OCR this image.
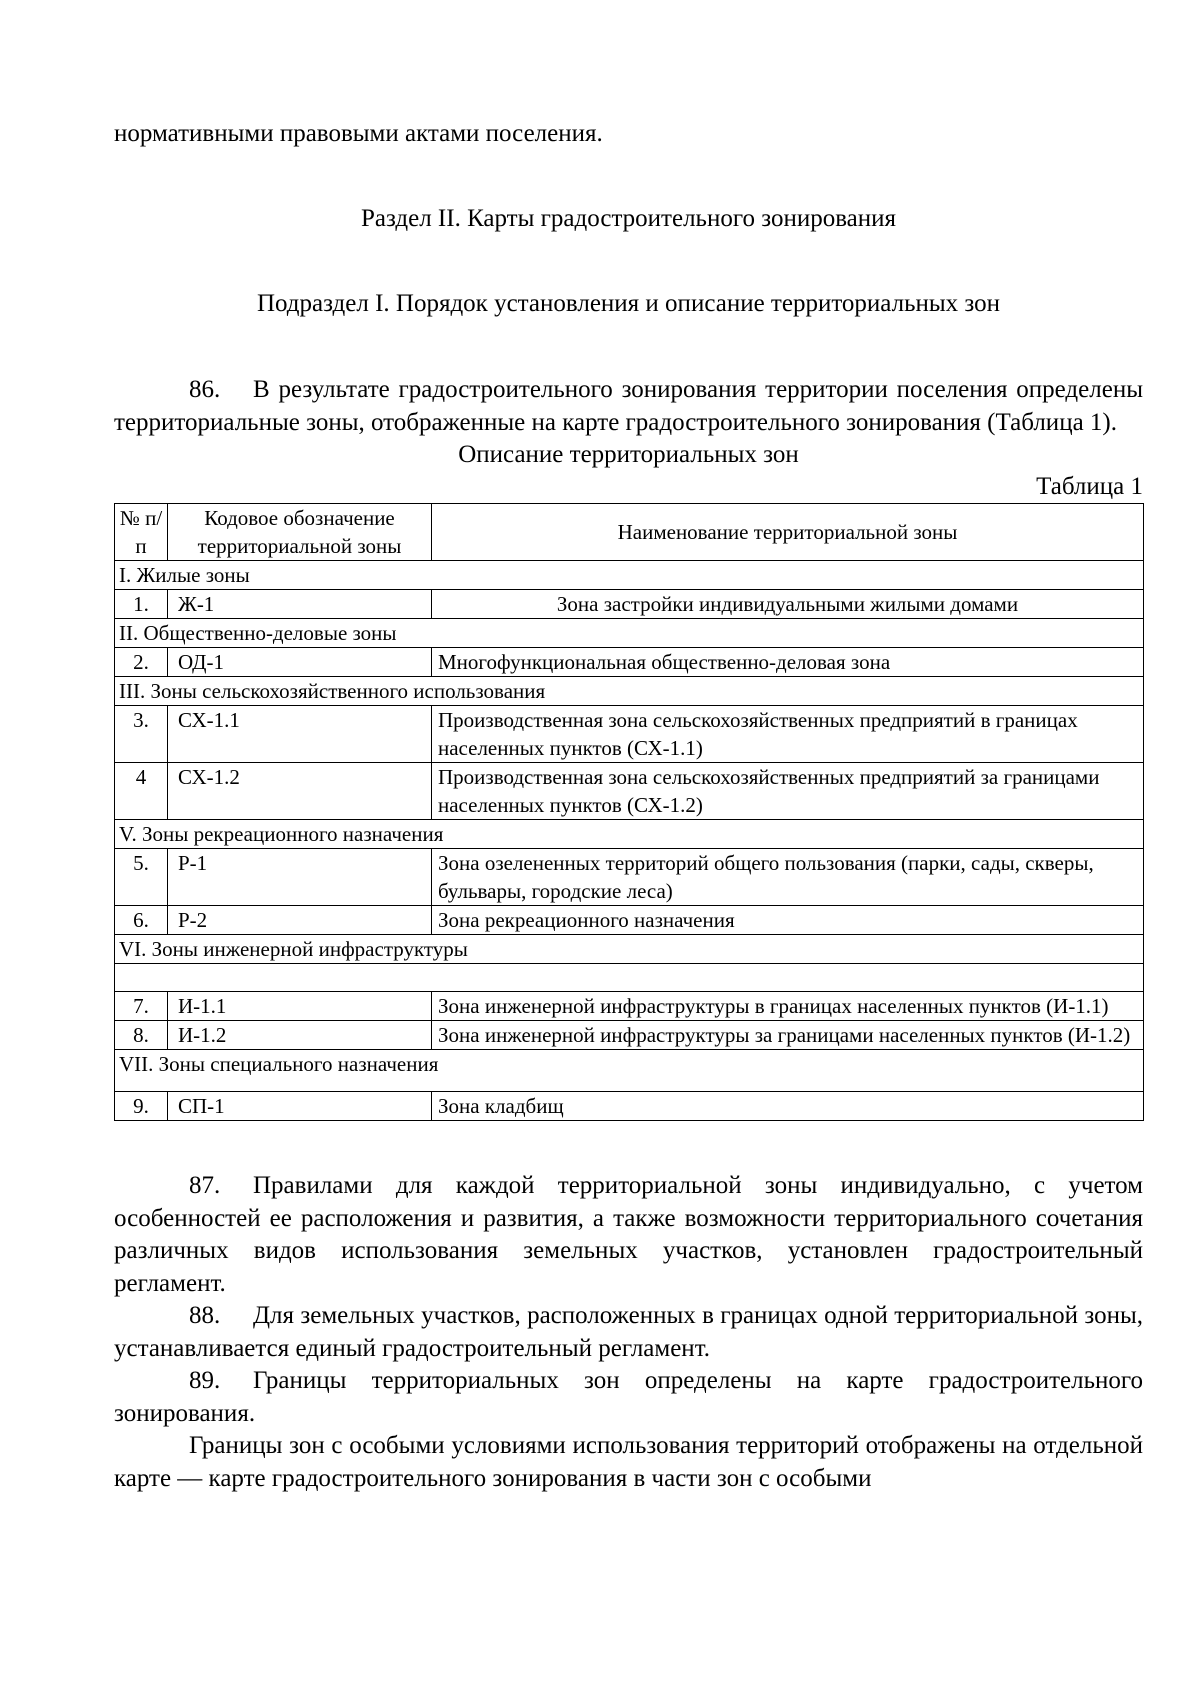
нормативными правовыми актами поселения.

Раздел II. Карты градостроительного зонирования

Подраздел I. Порядок установления и описание территориальных зон

86. В результате градостроительного зонирования территории поселения определены территориальные зоны, отображенные на карте градостроительного зонирования (Таблица 1).

Описание территориальных зон

Таблица 1

№ п/п	Кодовое обозначение территориальной зоны	Наименование территориальной зоны
I. Жилые зоны		
1.	Ж-1	Зона застройки индивидуальными жилыми домами
II. Общественно-деловые зоны		
2.	ОД-1	Многофункциональная общественно-деловая зона
III. Зоны сельскохозяйственного использования		
3.	СХ-1.1	Производственная зона сельскохозяйственных предприятий в границах населенных пунктов (СХ-1.1)
4	СХ-1.2	Производственная зона сельскохозяйственных предприятий за границами населенных пунктов (СХ-1.2)
V. Зоны рекреационного назначения		
5.	Р-1	Зона озелененных территорий общего пользования (парки, сады, скверы, бульвары, городские леса)
6.	Р-2	Зона рекреационного назначения
VI. Зоны инженерной инфраструктуры		

7.	И-1.1	Зона инженерной инфраструктуры в границах населенных пунктов (И-1.1)
8.	И-1.2	Зона инженерной инфраструктуры за границами населенных пунктов (И-1.2)
VII. Зоны специального назначения		
9.	СП-1	Зона кладбищ

87. Правилами для каждой территориальной зоны индивидуально, с учетом особенностей ее расположения и развития, а также возможности территориального сочетания различных видов использования земельных участков, установлен градостроительный регламент.

88. Для земельных участков, расположенных в границах одной территориальной зоны, устанавливается единый градостроительный регламент.

89. Границы территориальных зон определены на карте градостроительного зонирования.

Границы зон с особыми условиями использования территорий отображены на отдельной карте — карте градостроительного зонирования в части зон с особыми
